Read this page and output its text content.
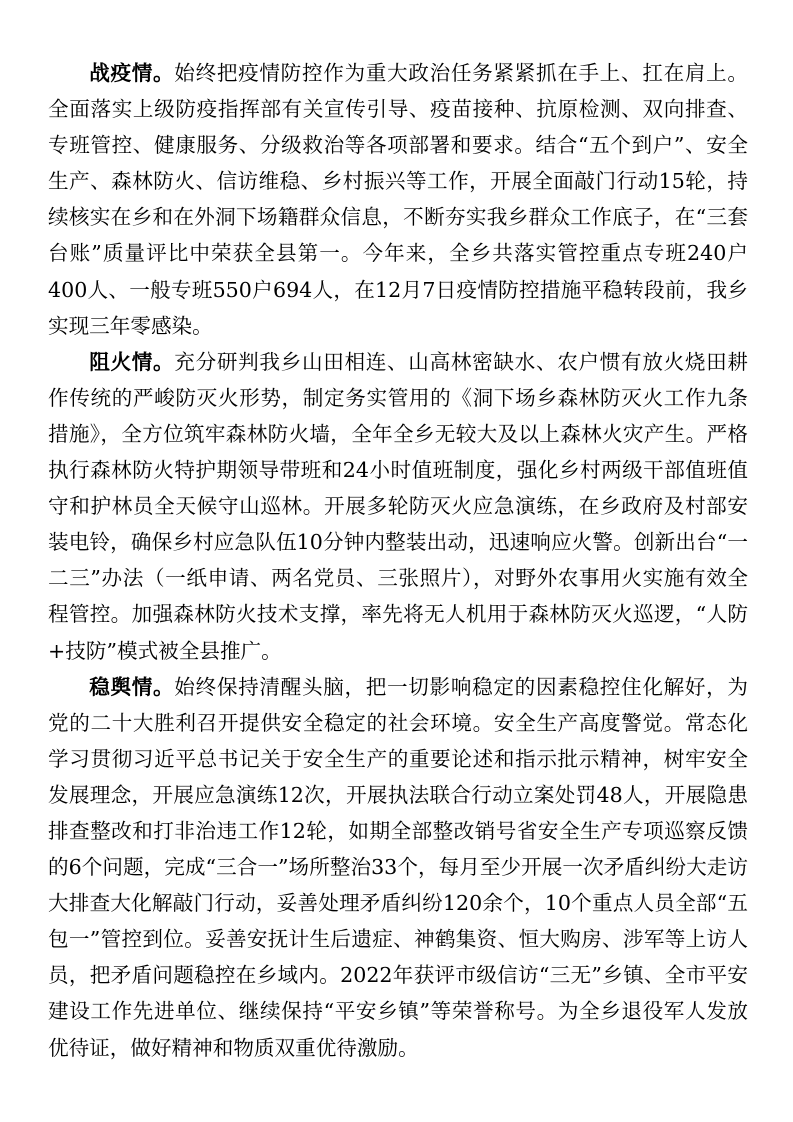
战疫情。始终把疫情防控作为重大政治任务紧紧抓在手上、扛在肩上。全面落实上级防疫指挥部有关宣传引导、疫苗接种、抗原检测、双向排查、专班管控、健康服务、分级救治等各项部署和要求。结合“五个到户”、安全生产、森林防火、信访维稳、乡村振兴等工作，开展全面敲门行动15轮，持续核实在乡和在外洞下场籍群众信息，不断夯实我乡群众工作底子，在“三套台账”质量评比中荣获全县第一。今年来，全乡共落实管控重点专班240户400人、一般专班550户694人，在12月7日疫情防控措施平稳转段前，我乡实现三年零感染。

阻火情。充分研判我乡山田相连、山高林密缺水、农户惯有放火烧田耕作传统的严峻防灭火形势，制定务实管用的《洞下场乡森林防灭火工作九条措施》，全方位筑牢森林防火墙，全年全乡无较大及以上森林火灾产生。严格执行森林防火特护期领导带班和24小时值班制度，强化乡村两级干部值班值守和护林员全天候守山巡林。开展多轮防灭火应急演练，在乡政府及村部安装电铃，确保乡村应急队伍10分钟内整装出动，迅速响应火警。创新出台“一二三”办法（一纸申请、两名党员、三张照片），对野外农事用火实施有效全程管控。加强森林防火技术支撑，率先将无人机用于森林防灭火巡逻，“人防+技防”模式被全县推广。

稳舆情。始终保持清醒头脑，把一切影响稳定的因素稳控住化解好，为党的二十大胜利召开提供安全稳定的社会环境。安全生产高度警觉。常态化学习贯彻习近平总书记关于安全生产的重要论述和指示批示精神，树牢安全发展理念，开展应急演练12次，开展执法联合行动立案处罚48人，开展隐患排查整改和打非治违工作12轮，如期全部整改销号省安全生产专项巡察反馈的6个问题，完成“三合一”场所整治33个，每月至少开展一次矛盾纠纷大走访大排查大化解敲门行动，妥善处理矛盾纠纷120余个，10个重点人员全部“五包一”管控到位。妥善安抚计生后遗症、神鹤集资、恒大购房、涉军等上访人员，把矛盾问题稳控在乡域内。2022年获评市级信访“三无”乡镇、全市平安建设工作先进单位、继续保持“平安乡镇”等荣誉称号。为全乡退役军人发放优待证，做好精神和物质双重优待激励。
